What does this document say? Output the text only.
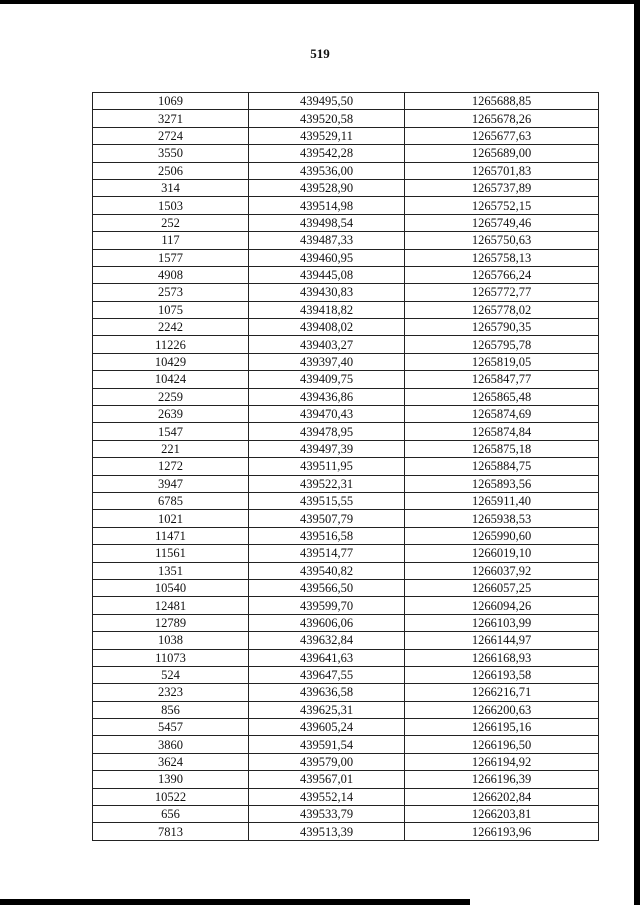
519
1069	439495,50	1265688,85
3271	439520,58	1265678,26
2724	439529,11	1265677,63
3550	439542,28	1265689,00
2506	439536,00	1265701,83
314	439528,90	1265737,89
1503	439514,98	1265752,15
252	439498,54	1265749,46
117	439487,33	1265750,63
1577	439460,95	1265758,13
4908	439445,08	1265766,24
2573	439430,83	1265772,77
1075	439418,82	1265778,02
2242	439408,02	1265790,35
11226	439403,27	1265795,78
10429	439397,40	1265819,05
10424	439409,75	1265847,77
2259	439436,86	1265865,48
2639	439470,43	1265874,69
1547	439478,95	1265874,84
221	439497,39	1265875,18
1272	439511,95	1265884,75
3947	439522,31	1265893,56
6785	439515,55	1265911,40
1021	439507,79	1265938,53
11471	439516,58	1265990,60
11561	439514,77	1266019,10
1351	439540,82	1266037,92
10540	439566,50	1266057,25
12481	439599,70	1266094,26
12789	439606,06	1266103,99
1038	439632,84	1266144,97
11073	439641,63	1266168,93
524	439647,55	1266193,58
2323	439636,58	1266216,71
856	439625,31	1266200,63
5457	439605,24	1266195,16
3860	439591,54	1266196,50
3624	439579,00	1266194,92
1390	439567,01	1266196,39
10522	439552,14	1266202,84
656	439533,79	1266203,81
7813	439513,39	1266193,96
